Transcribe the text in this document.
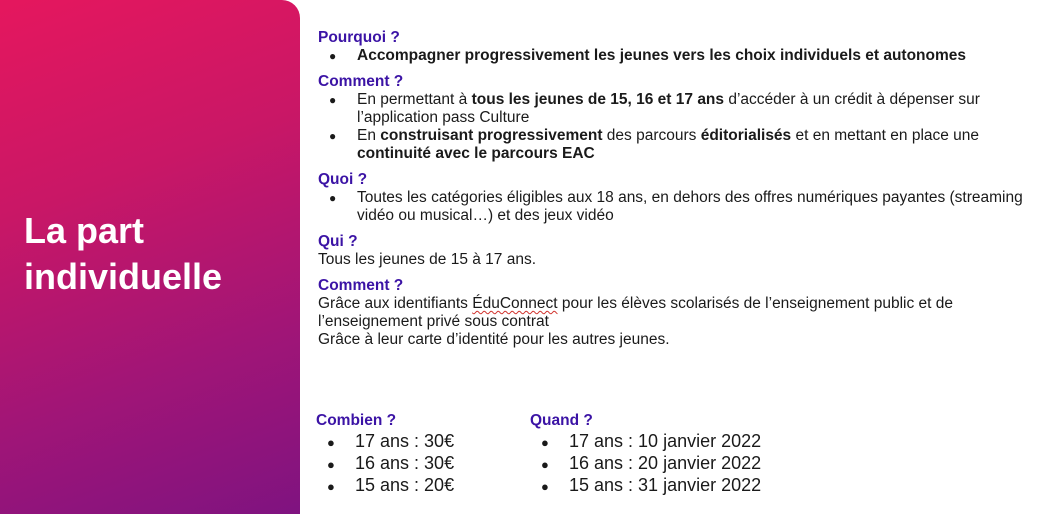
La part
individuelle
Pourquoi ?
● Accompagner progressivement les jeunes vers les choix individuels et autonomes
Comment ?
● En permettant à tous les jeunes de 15, 16 et 17 ans d’accéder à un crédit à dépenser sur l’application pass Culture
● En construisant progressivement des parcours éditorialisés et en mettant en place une continuité avec le parcours EAC
Quoi ?
● Toutes les catégories éligibles aux 18 ans, en dehors des offres numériques payantes (streaming vidéo ou musical…) et des jeux vidéo
Qui ?
Tous les jeunes de 15 à 17 ans.
Comment ?
Grâce aux identifiants ÉduConnect pour les élèves scolarisés de l’enseignement public et de l’enseignement privé sous contrat
Grâce à leur carte d’identité pour les autres jeunes.
Combien ?
● 17 ans : 30€
● 16 ans : 30€
● 15 ans : 20€
Quand ?
● 17 ans : 10 janvier 2022
● 16 ans : 20 janvier 2022
● 15 ans : 31 janvier 2022
